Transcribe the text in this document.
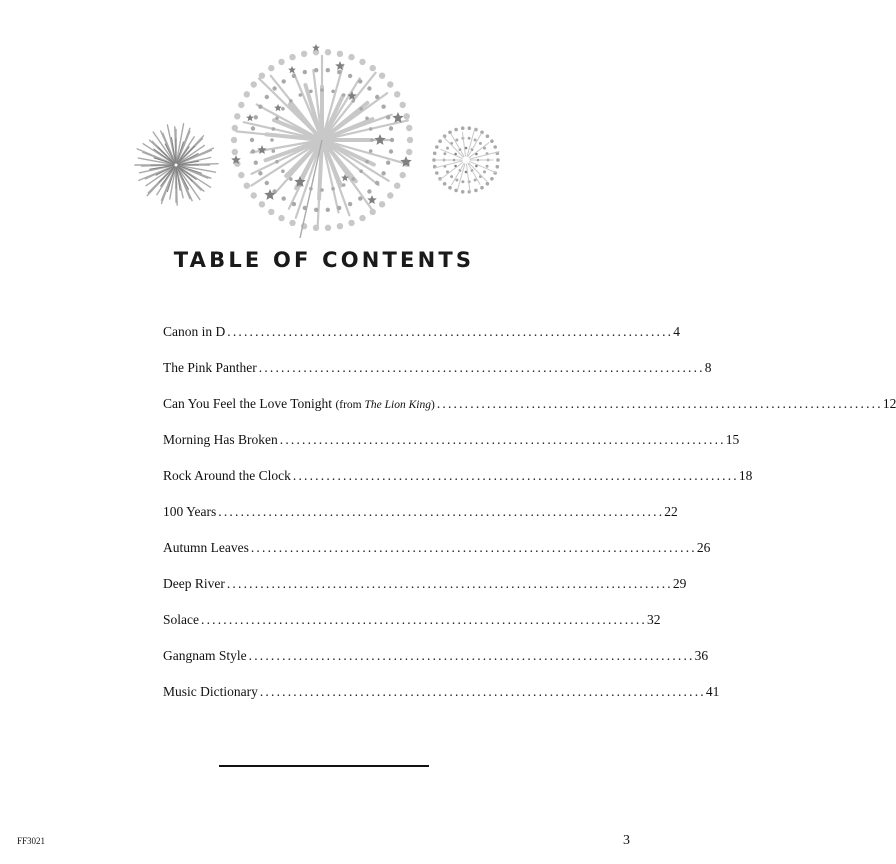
TABLE OF CONTENTS
Canon in D ................................................................................ 4
The Pink Panther ................................................................................ 8
Can You Feel the Love Tonight (from The Lion King) ................................................................................ 12
Morning Has Broken ................................................................................ 15
Rock Around the Clock ................................................................................ 18
100 Years ................................................................................ 22
Autumn Leaves ................................................................................ 26
Deep River ................................................................................ 29
Solace ................................................................................ 32
Gangnam Style ................................................................................ 36
Music Dictionary ................................................................................ 41
FF3021	3
